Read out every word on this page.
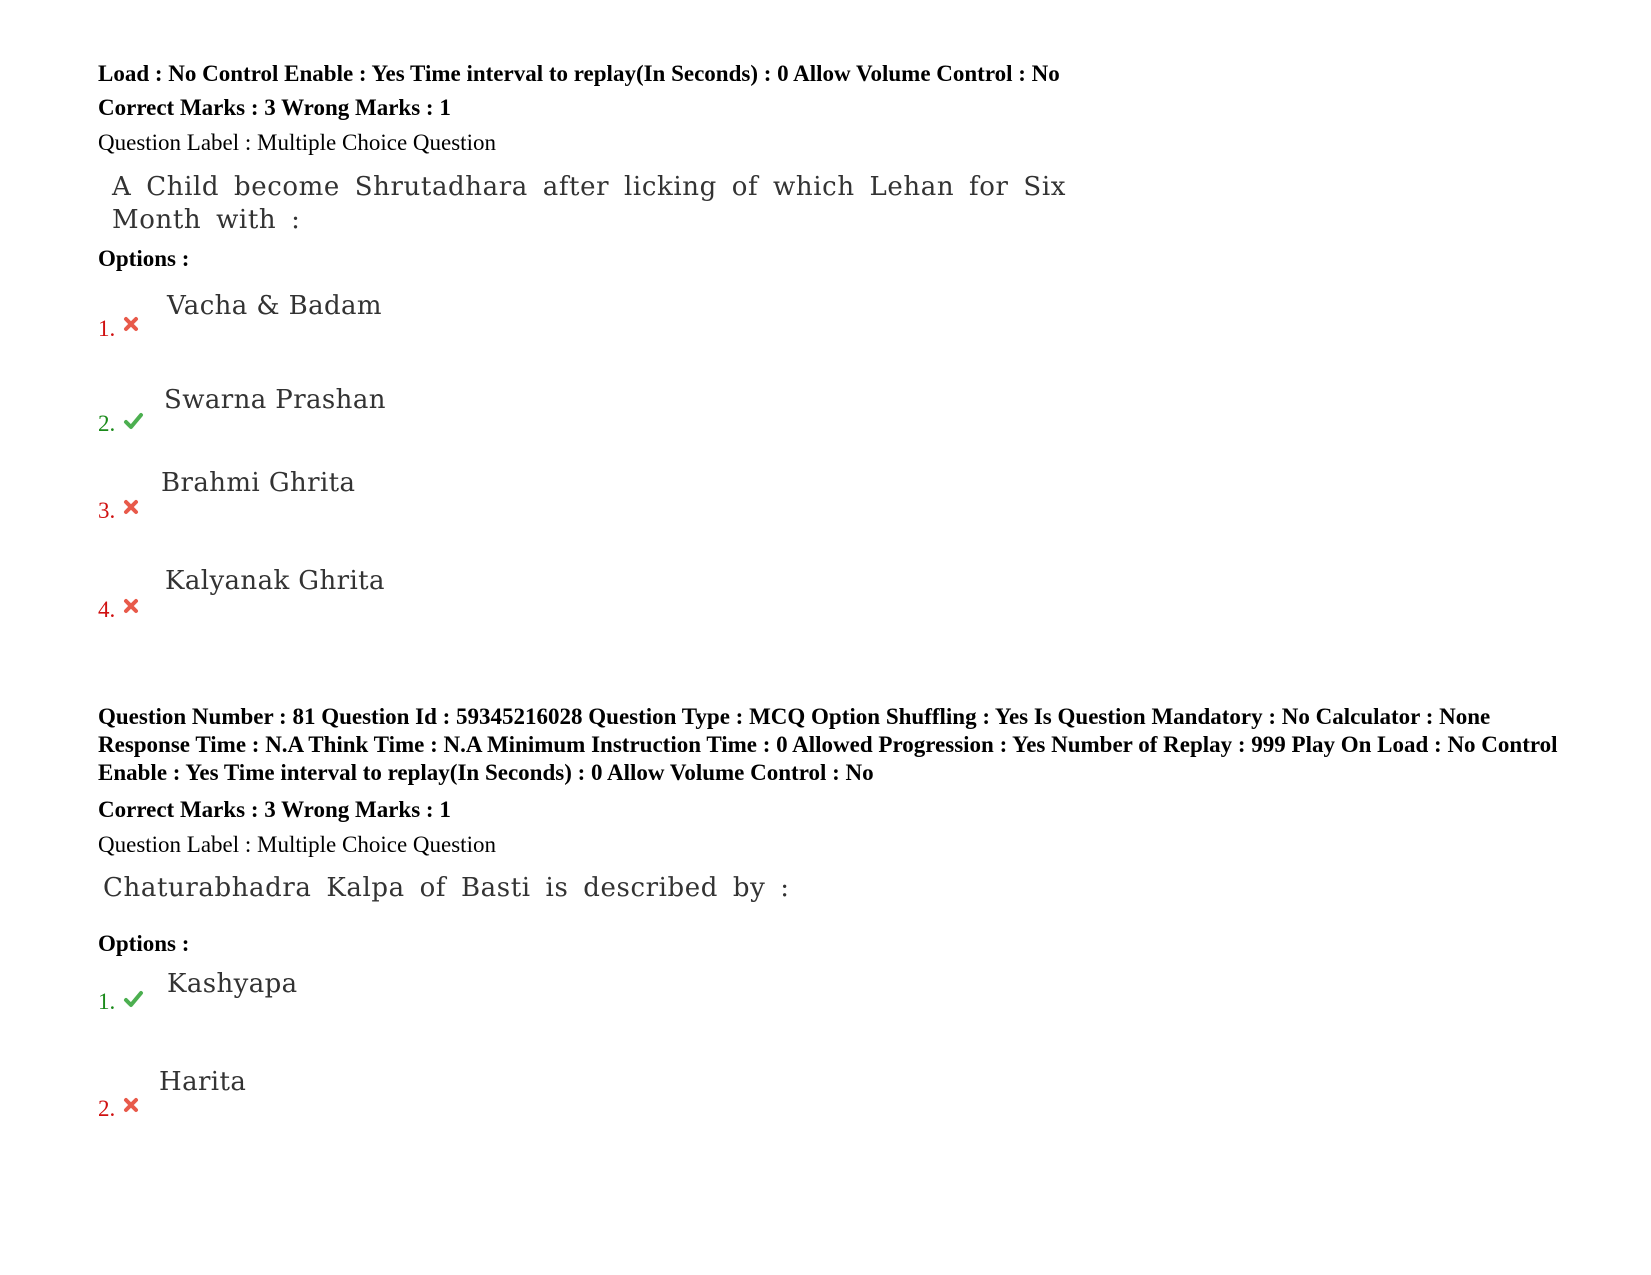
Load : No Control Enable : Yes Time interval to replay(In Seconds) : 0 Allow Volume Control : No
Correct Marks : 3 Wrong Marks : 1
Question Label : Multiple Choice Question
A Child become Shrutadhara after licking of which Lehan for Six
Month with :
Options :
1.
Vacha & Badam
2.
Swarna Prashan
3.
Brahmi Ghrita
4.
Kalyanak Ghrita
Question Number : 81 Question Id : 59345216028 Question Type : MCQ Option Shuffling : Yes Is Question Mandatory : No Calculator : None Response Time : N.A Think Time : N.A Minimum Instruction Time : 0 Allowed Progression : Yes Number of Replay : 999 Play On Load : No Control Enable : Yes Time interval to replay(In Seconds) : 0 Allow Volume Control : No
Correct Marks : 3 Wrong Marks : 1
Question Label : Multiple Choice Question
Chaturabhadra Kalpa of Basti is described by :
Options :
1.
Kashyapa
2.
Harita
